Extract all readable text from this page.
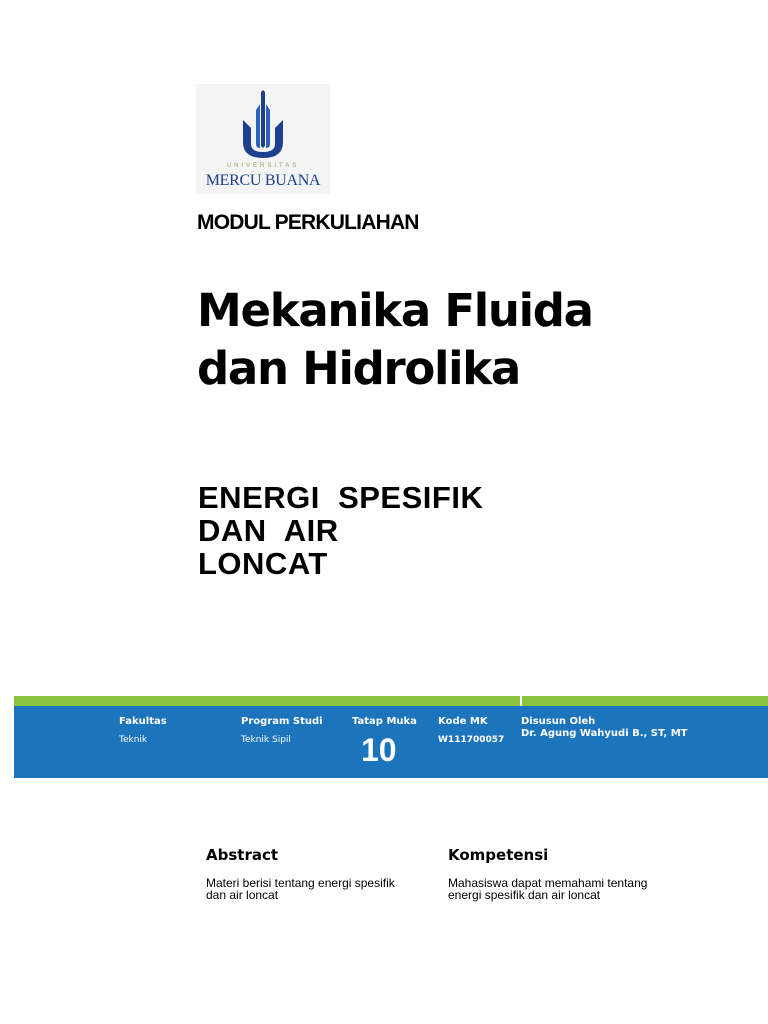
UNIVERSITAS
MERCU BUANA
MODUL PERKULIAHAN
Mekanika Fluida
dan Hidrolika
ENERGI  SPESIFIK
DAN  AIR
LONCAT
Fakultas
Teknik
Program Studi
Teknik Sipil
Tatap Muka
10
Kode MK
W111700057
Disusun Oleh
Dr. Agung Wahyudi B., ST, MT
Abstract
Materi berisi tentang energi spesifik
dan air loncat
Kompetensi
Mahasiswa dapat memahami tentang
energi spesifik dan air loncat
